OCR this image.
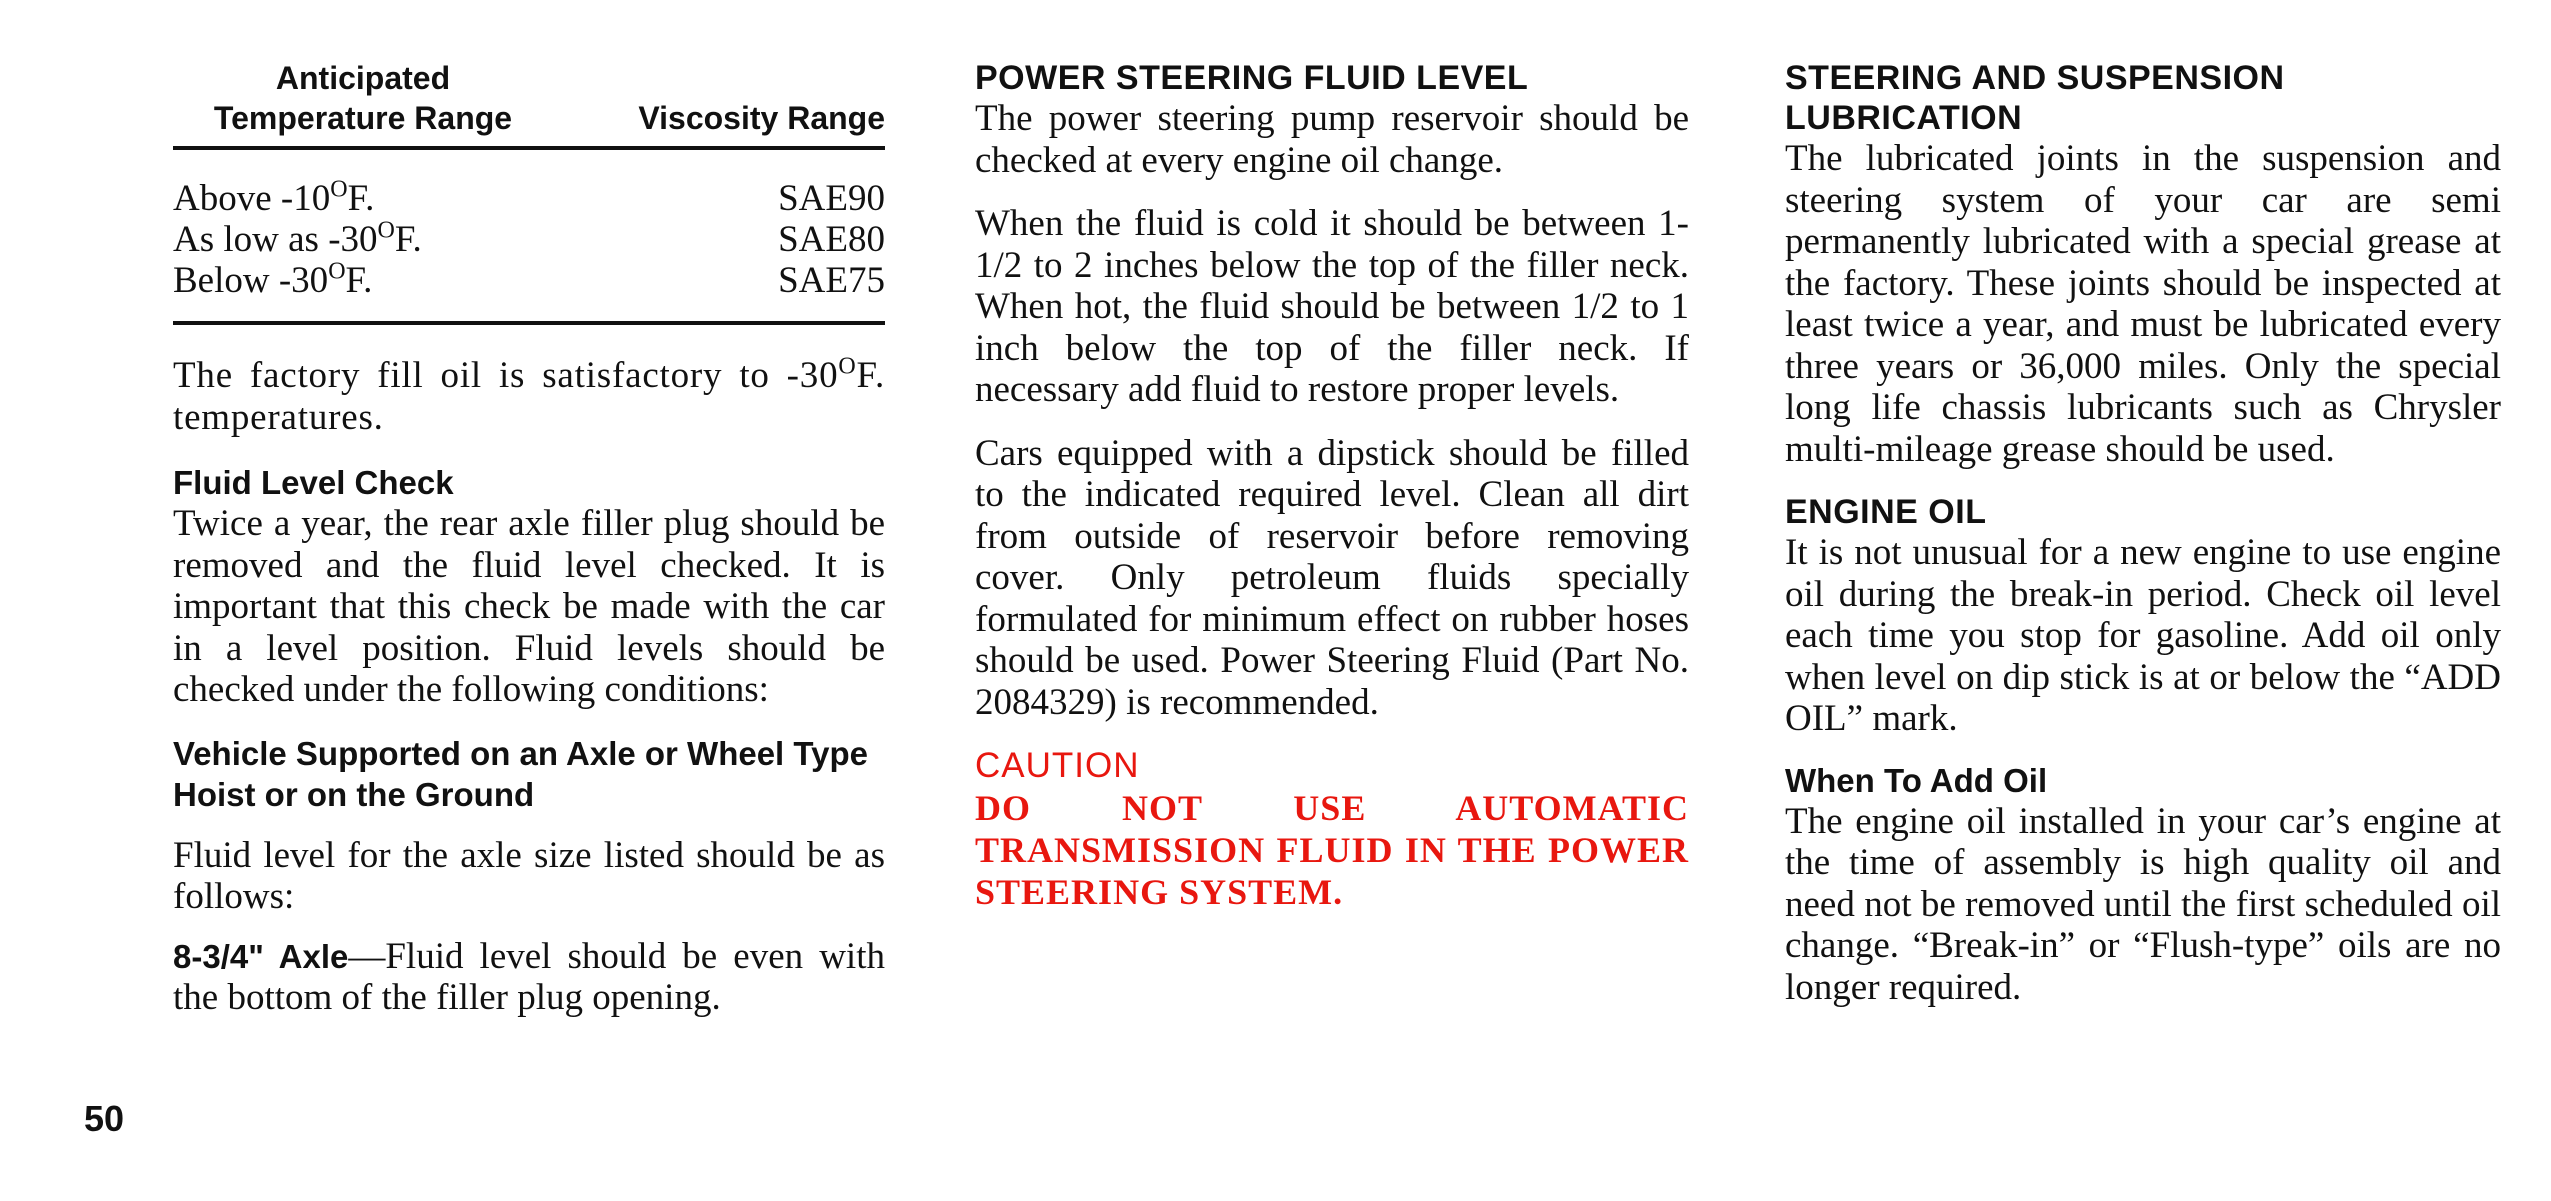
Anticipated
Temperature Range	Viscosity Range
Above $-10^OF$.	SAE90
As low as $-30^OF$.	SAE80
Below $-30^OF$.	SAE75

The factory fill oil is satisfactory to $-30^OF$. temperatures.

Fluid Level Check

Twice a year, the rear axle filler plug should be removed and the fluid level checked. It is important that this check be made with the car in a level position. Fluid levels should be checked under the following conditions:

Vehicle Supported on an Axle or Wheel Type Hoist or on the Ground

Fluid level for the axle size listed should be as follows:

8-3/4" Axle—Fluid level should be even with the bottom of the filler plug opening.

POWER STEERING FLUID LEVEL

The power steering pump reservoir should be checked at every engine oil change.

When the fluid is cold it should be between 1-1/2 to 2 inches below the top of the filler neck. When hot, the fluid should be between 1/2 to 1 inch below the top of the filler neck. If necessary add fluid to restore proper levels.

Cars equipped with a dipstick should be filled to the indicated required level. Clean all dirt from outside of reservoir before removing cover. Only petroleum fluids specially formulated for minimum effect on rubber hoses should be used. Power Steering Fluid (Part No. 2084329) is recommended.

CAUTION

DO NOT USE AUTOMATIC TRANSMISSION FLUID IN THE POWER STEERING SYSTEM.

STEERING AND SUSPENSION LUBRICATION

The lubricated joints in the suspension and steering system of your car are semi permanently lubricated with a special grease at the factory. These joints should be inspected at least twice a year, and must be lubricated every three years or 36,000 miles. Only the special long life chassis lubricants such as Chrysler multi-mileage grease should be used.

ENGINE OIL

It is not unusual for a new engine to use engine oil during the break-in period. Check oil level each time you stop for gasoline. Add oil only when level on dip stick is at or below the “ADD OIL” mark.

When To Add Oil

The engine oil installed in your car’s engine at the time of assembly is high quality oil and need not be removed until the first scheduled oil change. “Break-in” or “Flush-type” oils are no longer required.

50
